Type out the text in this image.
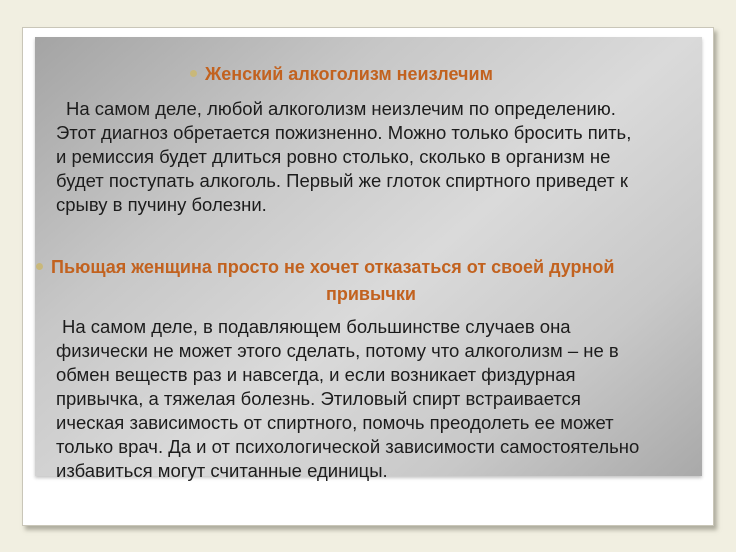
Женский алкоголизм неизлечим
На самом деле, любой алкоголизм неизлечим по определению.
Этот диагноз обретается пожизненно. Можно только бросить пить,
и ремиссия будет длиться ровно столько, сколько в организм не
будет поступать алкоголь. Первый же глоток спиртного приведет к
срыву в пучину болезни.
Пьющая женщина просто не хочет отказаться от своей дурной
привычки
На самом деле, в подавляющем большинстве случаев она
физически не может этого сделать, потому что алкоголизм – не в
обмен веществ раз и навсегда, и если возникает физдурная
привычка, а тяжелая болезнь. Этиловый спирт встраивается
ическая зависимость от спиртного, помочь преодолеть ее может
только врач. Да и от психологической зависимости самостоятельно
избавиться могут считанные единицы.
